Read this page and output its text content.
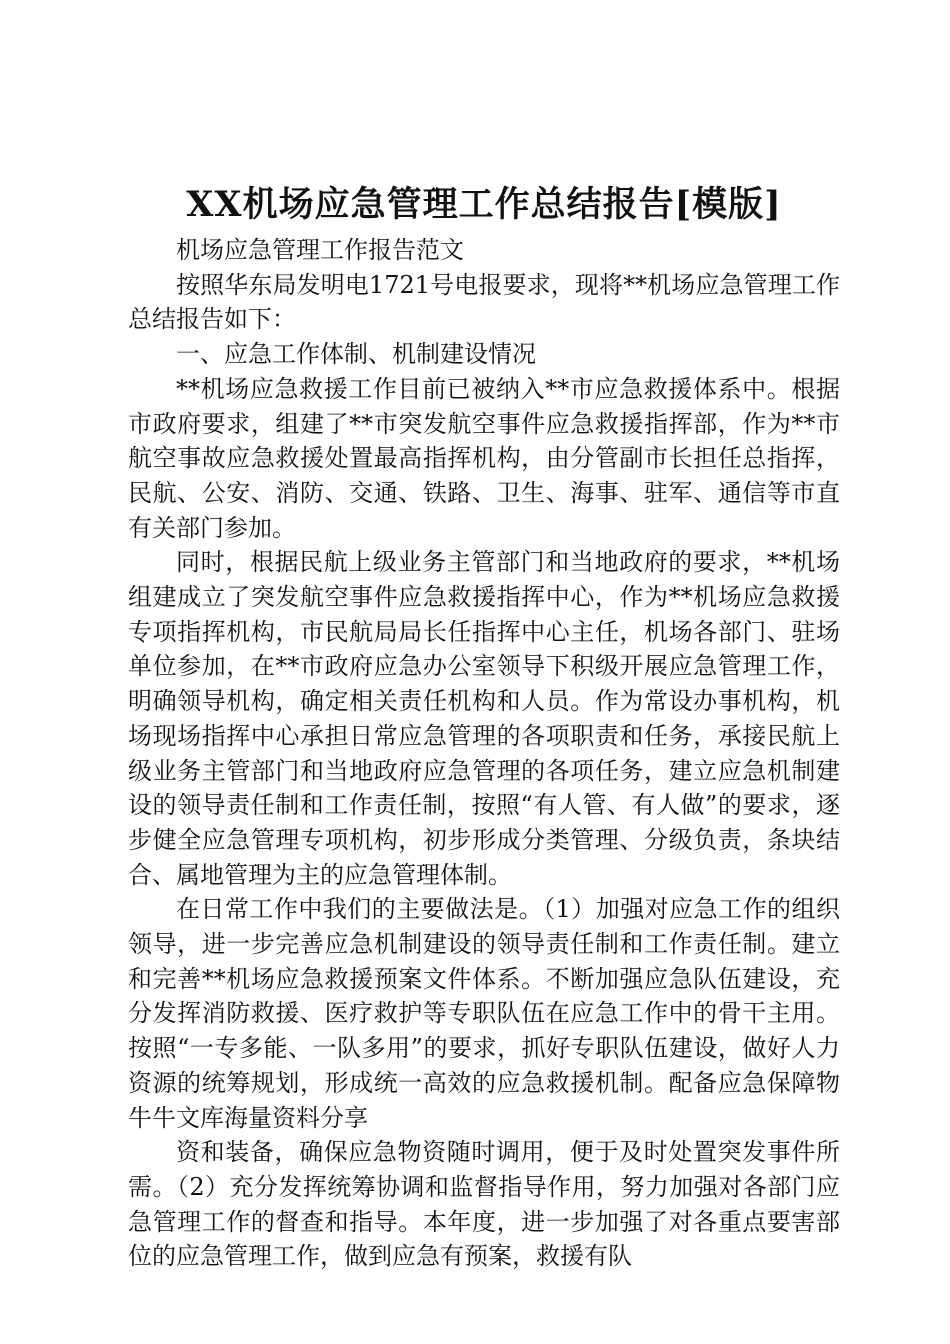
XX机场应急管理工作总结报告[模版]

机场应急管理工作报告范文

按照华东局发明电1721号电报要求，现将**机场应急管理工作总结报告如下：

一、应急工作体制、机制建设情况

**机场应急救援工作目前已被纳入**市应急救援体系中。根据市政府要求，组建了**市突发航空事件应急救援指挥部，作为**市航空事故应急救援处置最高指挥机构，由分管副市长担任总指挥，民航、公安、消防、交通、铁路、卫生、海事、驻军、通信等市直有关部门参加。

同时，根据民航上级业务主管部门和当地政府的要求，**机场组建成立了突发航空事件应急救援指挥中心，作为**机场应急救援专项指挥机构，市民航局局长任指挥中心主任，机场各部门、驻场单位参加，在**市政府应急办公室领导下积级开展应急管理工作，明确领导机构，确定相关责任机构和人员。作为常设办事机构，机场现场指挥中心承担日常应急管理的各项职责和任务，承接民航上级业务主管部门和当地政府应急管理的各项任务，建立应急机制建设的领导责任制和工作责任制，按照“有人管、有人做”的要求，逐步健全应急管理专项机构，初步形成分类管理、分级负责，条块结合、属地管理为主的应急管理体制。

在日常工作中我们的主要做法是。（1）加强对应急工作的组织领导，进一步完善应急机制建设的领导责任制和工作责任制。建立和完善**机场应急救援预案文件体系。不断加强应急队伍建设，充分发挥消防救援、医疗救护等专职队伍在应急工作中的骨干主用。按照“一专多能、一队多用”的要求，抓好专职队伍建设，做好人力资源的统筹规划，形成统一高效的应急救援机制。配备应急保障物牛牛文库海量资料分享

资和装备，确保应急物资随时调用，便于及时处置突发事件所需。（2）充分发挥统筹协调和监督指导作用，努力加强对各部门应急管理工作的督查和指导。本年度，进一步加强了对各重点要害部位的应急管理工作，做到应急有预案，救援有队
